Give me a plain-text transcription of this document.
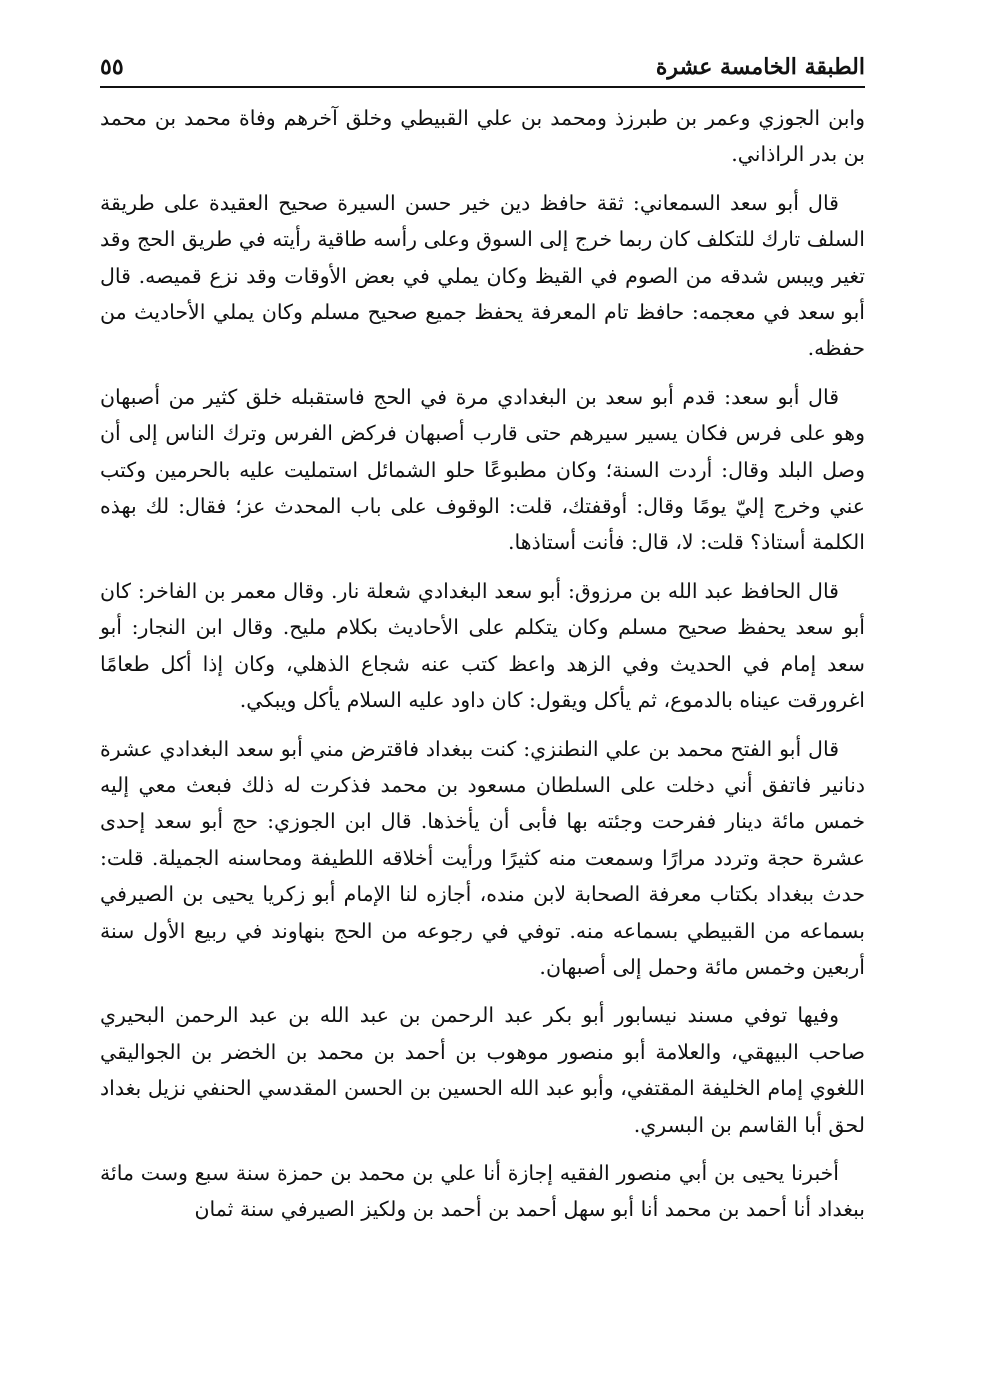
الطبقة الخامسة عشرة
٥٥

وابن الجوزي وعمر بن طبرزذ ومحمد بن علي القبيطي وخلق آخرهم وفاة محمد بن محمد بن بدر الراذاني.

قال أبو سعد السمعاني: ثقة حافظ دين خير حسن السيرة صحيح العقيدة على طريقة السلف تارك للتكلف كان ربما خرج إلى السوق وعلى رأسه طاقية رأيته في طريق الحج وقد تغير ويبس شدقه من الصوم في القيظ وكان يملي في بعض الأوقات وقد نزع قميصه. قال أبو سعد في معجمه: حافظ تام المعرفة يحفظ جميع صحيح مسلم وكان يملي الأحاديث من حفظه.

قال أبو سعد: قدم أبو سعد بن البغدادي مرة في الحج فاستقبله خلق كثير من أصبهان وهو على فرس فكان يسير سيرهم حتى قارب أصبهان فركض الفرس وترك الناس إلى أن وصل البلد وقال: أردت السنة؛ وكان مطبوعًا حلو الشمائل استمليت عليه بالحرمين وكتب عني وخرج إليّ يومًا وقال: أوقفتك، قلت: الوقوف على باب المحدث عز؛ فقال: لك بهذه الكلمة أستاذ؟ قلت: لا، قال: فأنت أستاذها.

قال الحافظ عبد الله بن مرزوق: أبو سعد البغدادي شعلة نار. وقال معمر بن الفاخر: كان أبو سعد يحفظ صحيح مسلم وكان يتكلم على الأحاديث بكلام مليح. وقال ابن النجار: أبو سعد إمام في الحديث وفي الزهد واعظ كتب عنه شجاع الذهلي، وكان إذا أكل طعامًا اغرورقت عيناه بالدموع، ثم يأكل ويقول: كان داود عليه السلام يأكل ويبكي.

قال أبو الفتح محمد بن علي النطنزي: كنت ببغداد فاقترض مني أبو سعد البغدادي عشرة دنانير فاتفق أني دخلت على السلطان مسعود بن محمد فذكرت له ذلك فبعث معي إليه خمس مائة دينار ففرحت وجئته بها فأبى أن يأخذها. قال ابن الجوزي: حج أبو سعد إحدى عشرة حجة وتردد مرارًا وسمعت منه كثيرًا ورأيت أخلاقه اللطيفة ومحاسنه الجميلة. قلت: حدث ببغداد بكتاب معرفة الصحابة لابن منده، أجازه لنا الإمام أبو زكريا يحيى بن الصيرفي بسماعه من القبيطي بسماعه منه. توفي في رجوعه من الحج بنهاوند في ربيع الأول سنة أربعين وخمس مائة وحمل إلى أصبهان.

وفيها توفي مسند نيسابور أبو بكر عبد الرحمن بن عبد الله بن عبد الرحمن البحيري صاحب البيهقي، والعلامة أبو منصور موهوب بن أحمد بن محمد بن الخضر بن الجواليقي اللغوي إمام الخليفة المقتفي، وأبو عبد الله الحسين بن الحسن المقدسي الحنفي نزيل بغداد لحق أبا القاسم بن البسري.

أخبرنا يحيى بن أبي منصور الفقيه إجازة أنا علي بن محمد بن حمزة سنة سبع وست مائة ببغداد أنا أحمد بن محمد أنا أبو سهل أحمد بن أحمد بن ولكيز الصيرفي سنة ثمان
